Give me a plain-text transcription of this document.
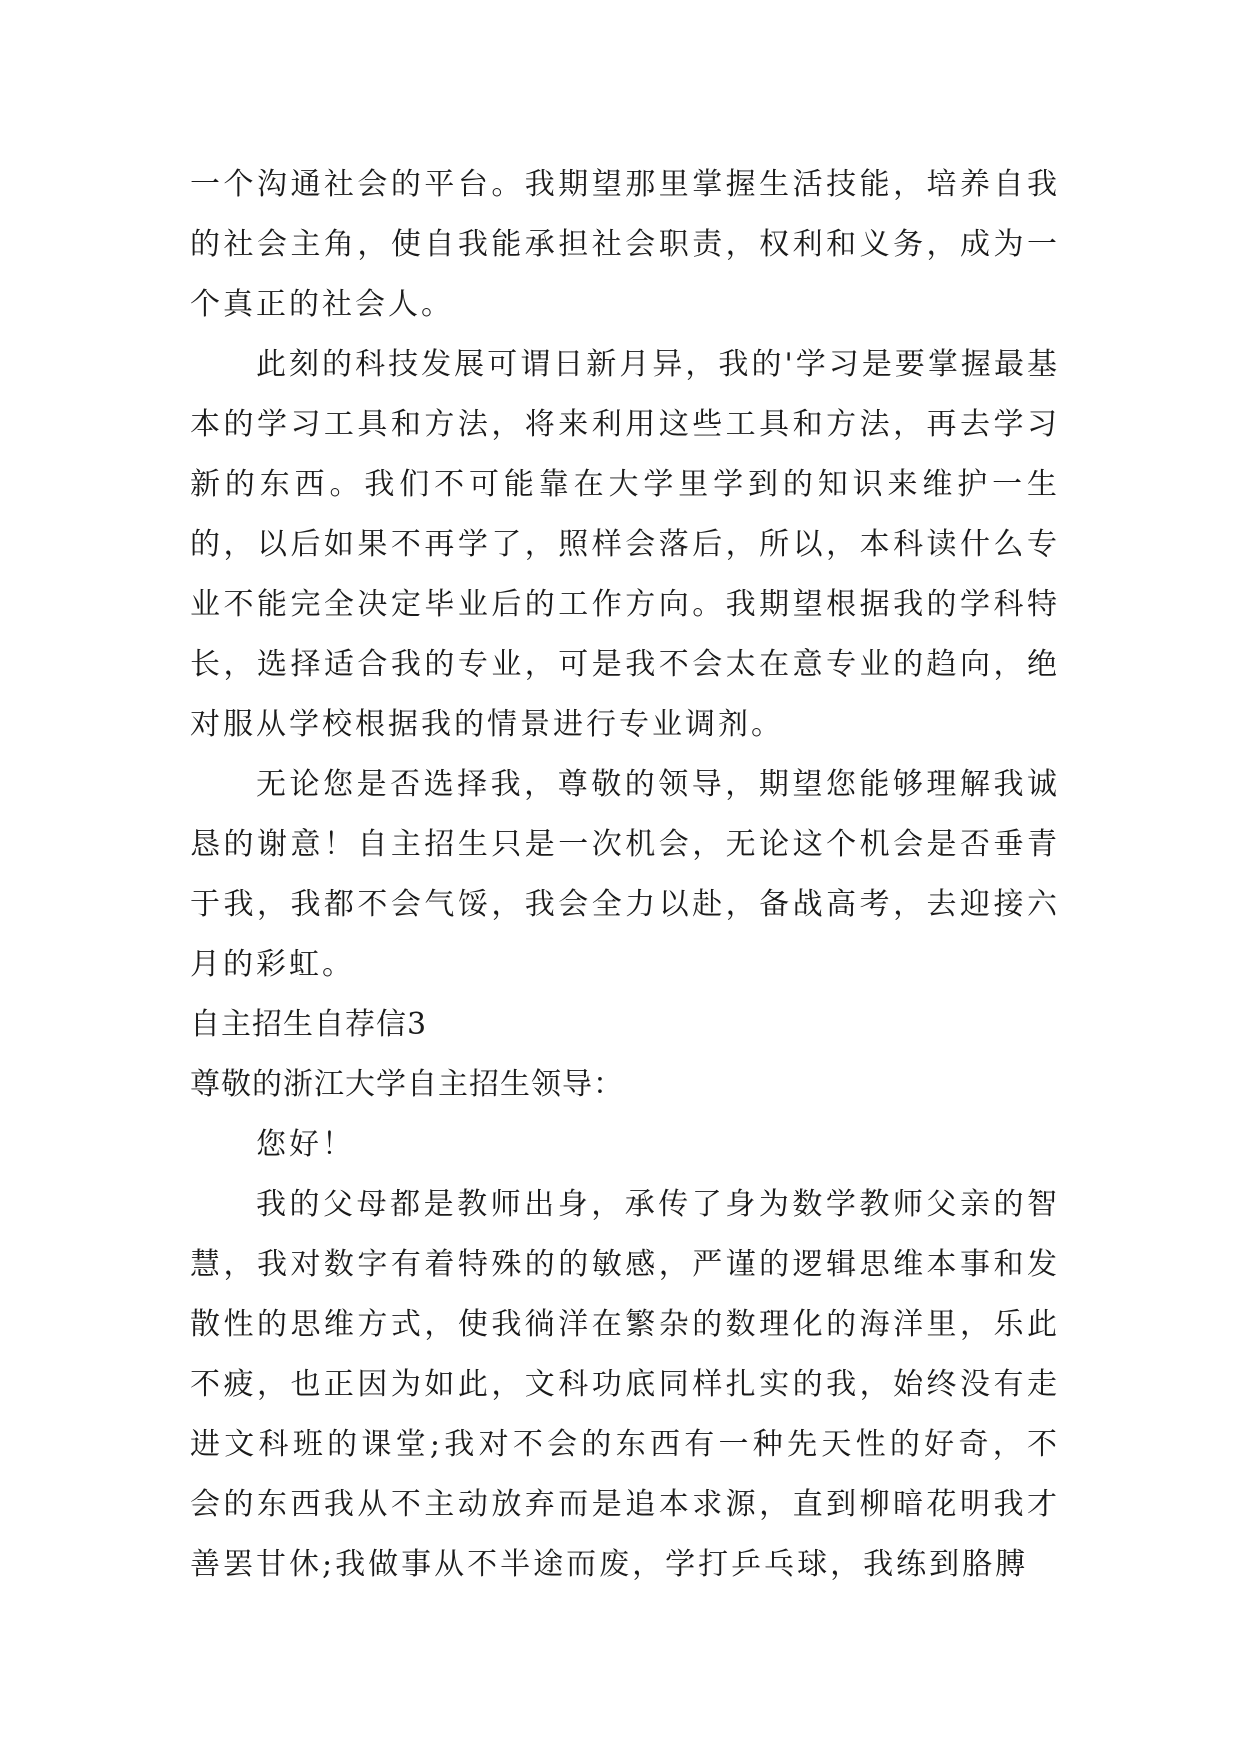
一个沟通社会的平台。我期望那里掌握生活技能，培养自我的社会主角，使自我能承担社会职责，权利和义务，成为一个真正的社会人。

此刻的科技发展可谓日新月异，我的'学习是要掌握最基本的学习工具和方法，将来利用这些工具和方法，再去学习新的东西。我们不可能靠在大学里学到的知识来维护一生的，以后如果不再学了，照样会落后，所以，本科读什么专业不能完全决定毕业后的工作方向。我期望根据我的学科特长，选择适合我的专业，可是我不会太在意专业的趋向，绝对服从学校根据我的情景进行专业调剂。

无论您是否选择我，尊敬的领导，期望您能够理解我诚恳的谢意！自主招生只是一次机会，无论这个机会是否垂青于我，我都不会气馁，我会全力以赴，备战高考，去迎接六月的彩虹。

自主招生自荐信3

尊敬的浙江大学自主招生领导：

您好！

我的父母都是教师出身，承传了身为数学教师父亲的智慧，我对数字有着特殊的的敏感，严谨的逻辑思维本事和发散性的思维方式，使我徜洋在繁杂的数理化的海洋里，乐此不疲，也正因为如此，文科功底同样扎实的我，始终没有走进文科班的课堂;我对不会的东西有一种先天性的好奇，不会的东西我从不主动放弃而是追本求源，直到柳暗花明我才善罢甘休;我做事从不半途而废，学打乒乓球，我练到胳膊
